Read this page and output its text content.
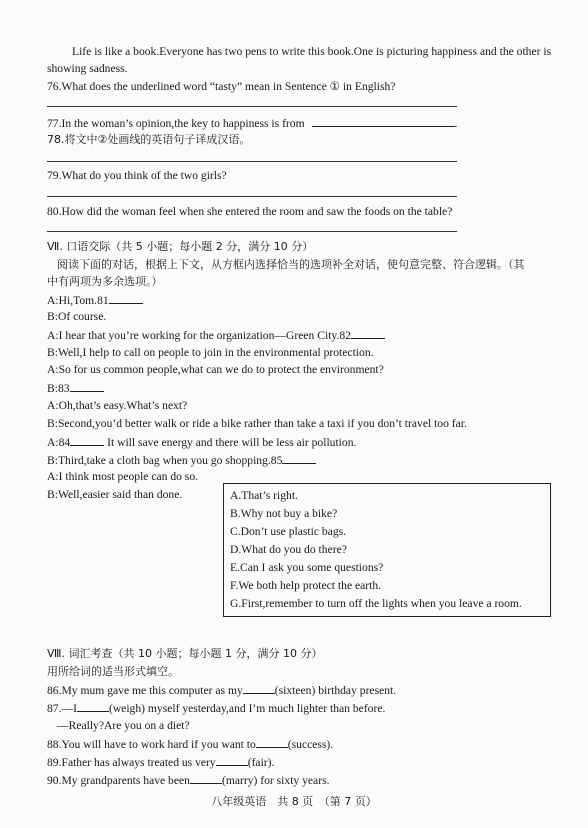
Life is like a book.Everyone has two pens to write this book.One is picturing happiness and the other is
showing sadness.
76.What does the underlined word “tasty” mean in Sentence ① in English?
77.In the woman’s opinion,the key to happiness is from	.
78.将文中②处画线的英语句子译成汉语。
79.What do you think of the two girls?
80.How did the woman feel when she entered the room and saw the foods on the table?
Ⅶ. 口语交际（共 5 小题；每小题 2 分，满分 10 分）
阅读下面的对话，根据上下文，从方框内选择恰当的选项补全对话，使句意完整、符合逻辑。（其
中有两项为多余选项。）
A:Hi,Tom.81
B:Of course.
A:I hear that you’re working for the organization—Green City.82
B:Well,I help to call on people to join in the environmental protection.
A:So for us common people,what can we do to protect the environment?
B:83
A:Oh,that’s easy.What’s next?
B:Second,you’d better walk or ride a bike rather than take a taxi if you don’t travel too far.
A:84	It will save energy and there will be less air pollution.
B:Third,take a cloth bag when you go shopping.85
A:I think most people can do so.
B:Well,easier said than done.	A.That’s right.
B.Why not buy a bike?
C.Don’t use plastic bags.
D.What do you do there?
E.Can I ask you some questions?
F.We both help protect the earth.
G.First,remember to turn off the lights when you leave a room.
Ⅷ. 词汇考查（共 10 小题；每小题 1 分，满分 10 分）
用所给词的适当形式填空。
86.My mum gave me this computer as my	(sixteen) birthday present.
87.—I	(weigh) myself yesterday,and I’m much lighter than before.
—Really?Are you on a diet?
88.You will have to work hard if you want to	(success).
89.Father has always treated us very	(fair).
90.My grandparents have been	(marry) for sixty years.
八年级英语　共 8 页　（第 7 页）
